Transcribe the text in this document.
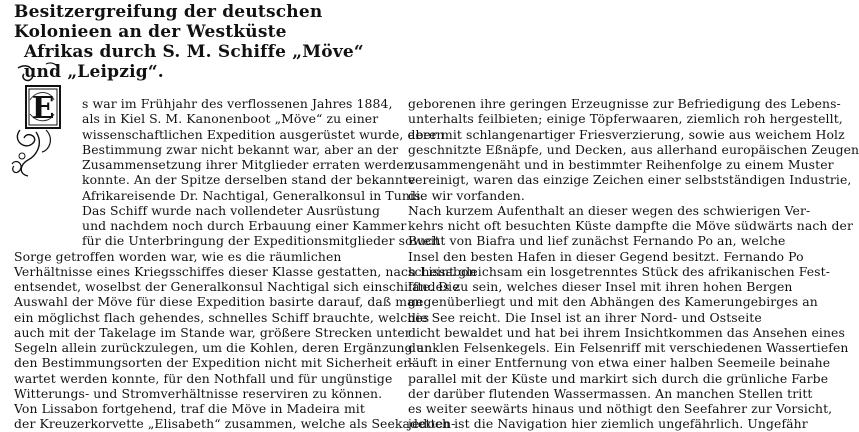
Besitzergreifung der deutschen Kolonieen an der Westküste
Afrikas durch S. M. Schiffe „Möve“ und „Leipzig“.
E	s war im Frühjahr des verflossenen Jahres 1884,
als in Kiel S. M. Kanonenboot „Möve“ zu einer
wissenschaftlichen Expedition ausgerüstet wurde, deren
Bestimmung zwar nicht bekannt war, aber an der
Zusammensetzung ihrer Mitglieder erraten werden
konnte. An der Spitze derselben stand der bekannte
Afrikareisende Dr. Nachtigal, Generalkonsul in Tunis.
Das Schiff wurde nach vollendeter Ausrüstung
und nachdem noch durch Erbauung einer Kammer
für die Unterbringung der Expeditionsmitglieder soweit
Sorge getroffen worden war, wie es die räumlichen
Verhältnisse eines Kriegsschiffes dieser Klasse gestatten, nach Lissabon
entsendet, woselbst der Generalkonsul Nachtigal sich einschiffte. Die
Auswahl der Möve für diese Expedition basirte darauf, daß man
ein möglichst flach gehendes, schnelles Schiff brauchte, welches
auch mit der Takelage im Stande war, größere Strecken unter
Segeln allein zurückzulegen, um die Kohlen, deren Ergänzung an
den Bestimmungsorten der Expedition nicht mit Sicherheit er-
wartet werden konnte, für den Nothfall und für ungünstige
Witterungs- und Stromverhältnisse reserviren zu können.
Von Lissabon fortgehend, traf die Möve in Madeira mit
der Kreuzerkorvette „Elisabeth“ zusammen, welche als Seekadetten-
geborenen ihre geringen Erzeugnisse zur Befriedigung des Lebens-
unterhalts feilbieten; einige Töpferwaaren, ziemlich roh hergestellt,
aber mit schlangenartiger Friesverzierung, sowie aus weichem Holz
geschnitzte Eßnäpfe, und Decken, aus allerhand europäischen Zeugen
zusammengenäht und in bestimmter Reihenfolge zu einem Muster
vereinigt, waren das einzige Zeichen einer selbstständigen Industrie,
die wir vorfanden.
Nach kurzem Aufenthalt an dieser wegen des schwierigen Ver-
kehrs nicht oft besuchten Küste dampfte die Möve südwärts nach der
Bucht von Biafra und lief zunächst Fernando Po an, welche
Insel den besten Hafen in dieser Gegend besitzt. Fernando Po
scheint gleichsam ein losgetrenntes Stück des afrikanischen Fest-
landes zu sein, welches dieser Insel mit ihren hohen Bergen
gegenüberliegt und mit den Abhängen des Kamerungebirges an
die See reicht. Die Insel ist an ihrer Nord- und Ostseite
dicht bewaldet und hat bei ihrem Insichtkommen das Ansehen eines
dunklen Felsenkegels. Ein Felsenriff mit verschiedenen Wassertiefen
läuft in einer Entfernung von etwa einer halben Seemeile beinahe
parallel mit der Küste und markirt sich durch die grünliche Farbe
der darüber flutenden Wassermassen. An manchen Stellen tritt
es weiter seewärts hinaus und nöthigt den Seefahrer zur Vorsicht,
jedoch ist die Navigation hier ziemlich ungefährlich. Ungefähr
